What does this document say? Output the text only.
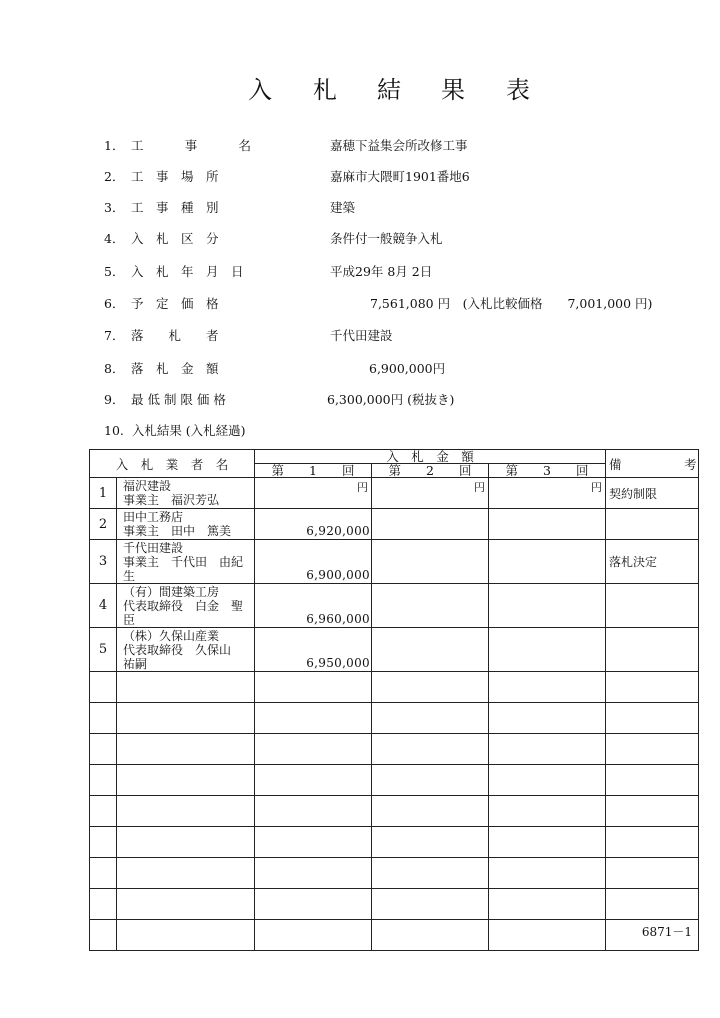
入 札 結 果 表
1． 工　　事　　名	嘉穂下益集会所改修工事
2． 工　事　場　所	嘉麻市大隈町1901番地6
3． 工　事　種　別	建築
4． 入　札　区　分	条件付一般競争入札
5． 入　札　年　月　日	平成29年 8月 2日
6． 予　定　価　格	7,561,080 円　(入札比較価格　　7,001,000 円)
7． 落　　札　　者	千代田建設
8． 落　札　金　額	6,900,000円
9． 最 低 制 限 価 格	6,300,000円 (税抜き)
10.  入札結果 (入札経過)
入　札　業　者　名		入　札　金　額			備　　　　　考
		第　　1　　回	第　　2　　回	第　　3　　回	
1	福沢建設
事業主　福沢芳弘	円	円	円	契約制限
2	田中工務店
事業主　田中　篤美	6,920,000			

3	千代田建設
事業主　千代田　由紀生	6,900,000			落札決定
4	（有）間建築工房
代表取締役　白金　聖臣	6,960,000			

5	（株）久保山産業
代表取締役　久保山　祐嗣	6,950,000			

6871－1
